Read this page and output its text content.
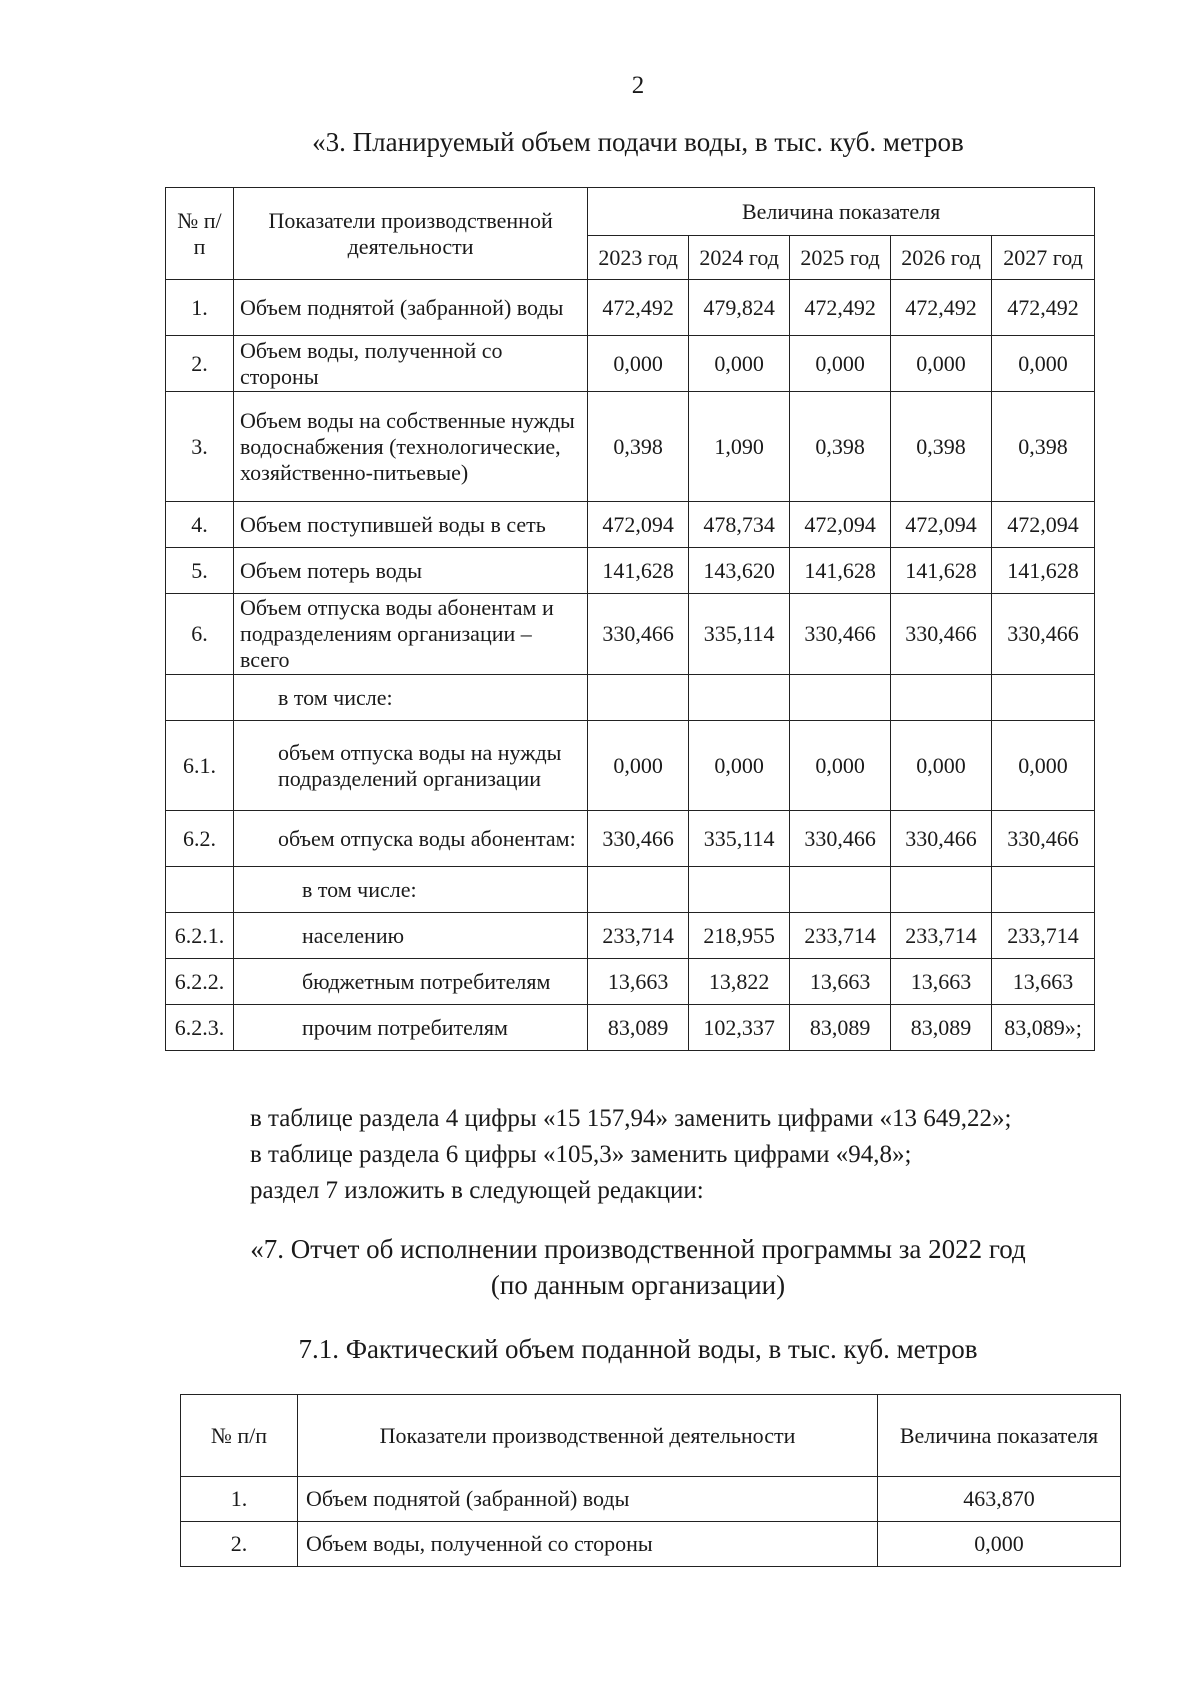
2
«3. Планируемый объем подачи воды, в тыс. куб. метров
№ п/п	Показатели производственной деятельности	Величина показателя				
		2023 год	2024 год	2025 год	2026 год	2027 год
1.	Объем поднятой (забранной) воды	472,492	479,824	472,492	472,492	472,492
2.	Объем воды, полученной со стороны	0,000	0,000	0,000	0,000	0,000
3.	Объем воды на собственные нужды водоснабжения (технологические, хозяйственно-питьевые)	0,398	1,090	0,398	0,398	0,398
4.	Объем поступившей воды в сеть	472,094	478,734	472,094	472,094	472,094
5.	Объем потерь воды	141,628	143,620	141,628	141,628	141,628
6.	Объем отпуска воды абонентам и подразделениям организации – всего	330,466	335,114	330,466	330,466	330,466
	в том числе:					
6.1.	объем отпуска воды на нужды подразделений организации	0,000	0,000	0,000	0,000	0,000
6.2.	объем отпуска воды абонентам:	330,466	335,114	330,466	330,466	330,466
	в том числе:					
6.2.1.	населению	233,714	218,955	233,714	233,714	233,714
6.2.2.	бюджетным потребителям	13,663	13,822	13,663	13,663	13,663
6.2.3.	прочим потребителям	83,089	102,337	83,089	83,089	83,089»;
в таблице раздела 4 цифры «15 157,94» заменить цифрами «13 649,22»;
в таблице раздела 6 цифры «105,3» заменить цифрами «94,8»;
раздел 7 изложить в следующей редакции:
«7. Отчет об исполнении производственной программы за 2022 год
(по данным организации)
7.1. Фактический объем поданной воды, в тыс. куб. метров
№ п/п	Показатели производственной деятельности	Величина показателя
1.	Объем поднятой (забранной) воды	463,870
2.	Объем воды, полученной со стороны	0,000
